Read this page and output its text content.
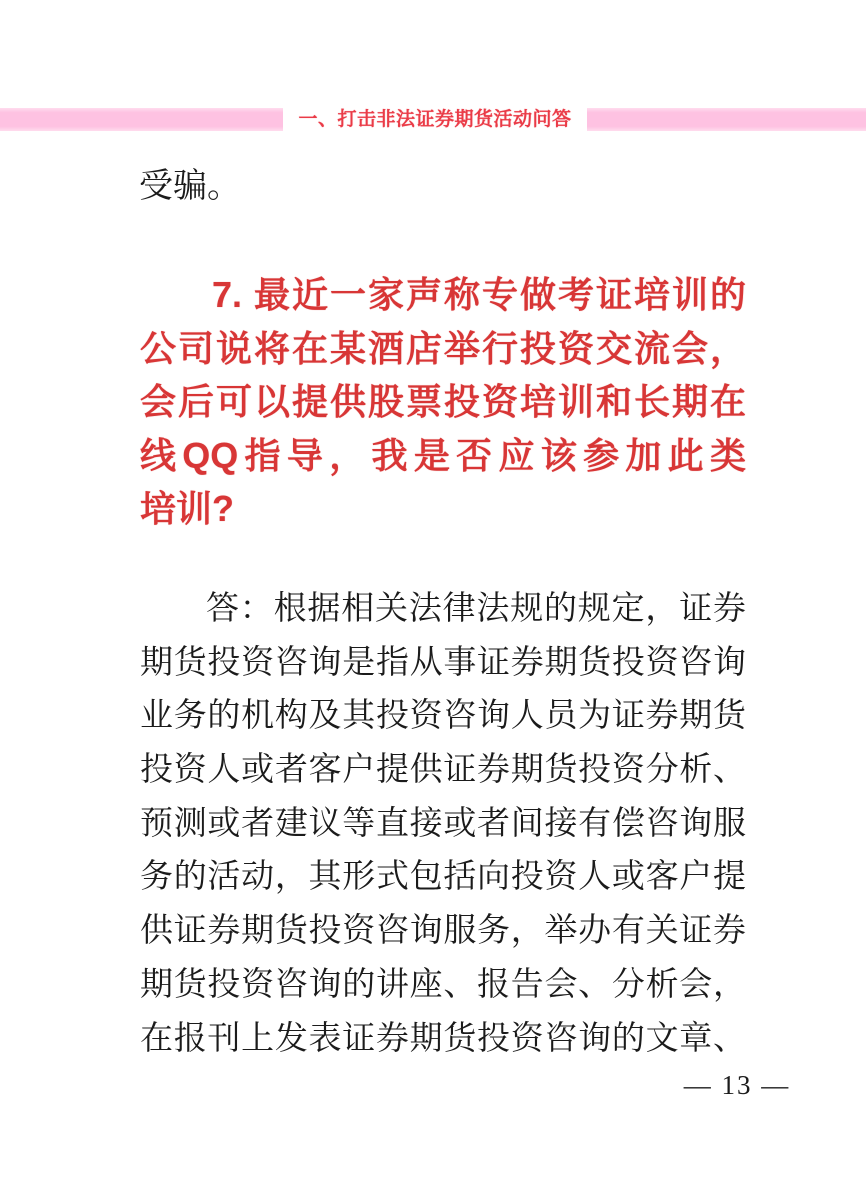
一、打击非法证券期货活动问答
受骗。
7. 最近一家声称专做考证培训的
公司说将在某酒店举行投资交流会，
会后可以提供股票投资培训和长期在
线QQ指导，我是否应该参加此类
培训?
答：根据相关法律法规的规定，证券
期货投资咨询是指从事证券期货投资咨询
业务的机构及其投资咨询人员为证券期货
投资人或者客户提供证券期货投资分析、
预测或者建议等直接或者间接有偿咨询服
务的活动，其形式包括向投资人或客户提
供证券期货投资咨询服务，举办有关证券
期货投资咨询的讲座、报告会、分析会，
在报刊上发表证券期货投资咨询的文章、
— 13 —
